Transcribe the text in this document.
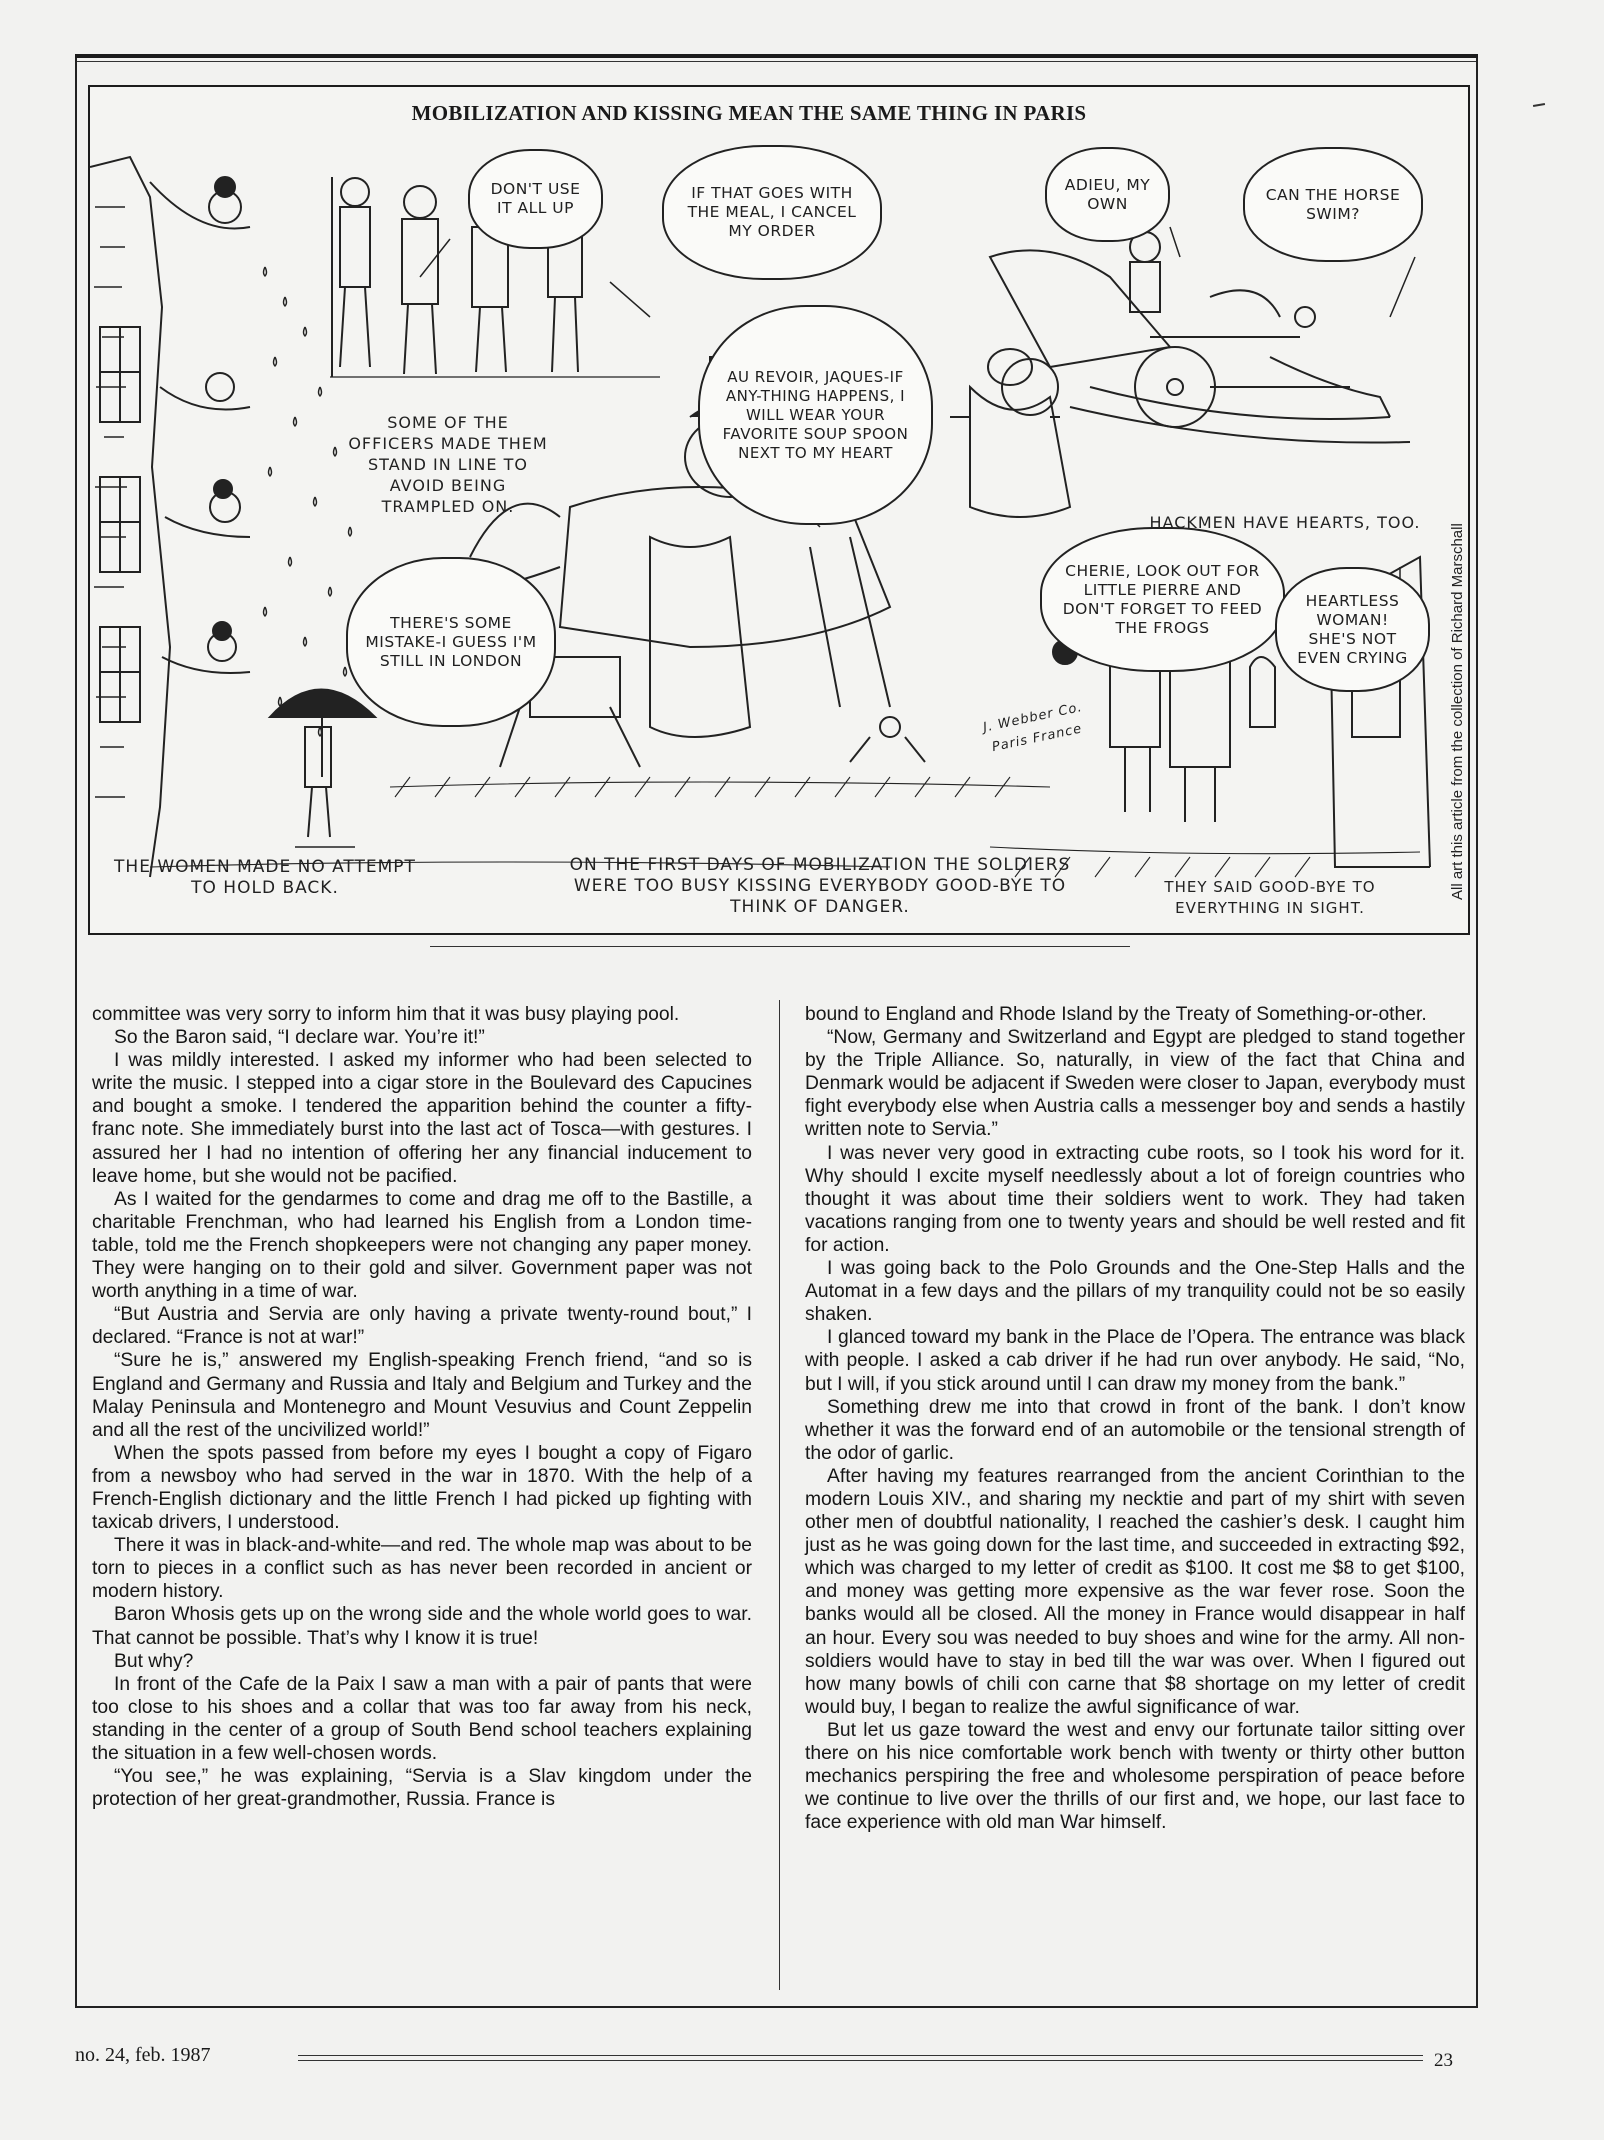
MOBILIZATION AND KISSING MEAN THE SAME THING IN PARIS
DON'T USE IT ALL UP
IF THAT GOES WITH THE MEAL, I CANCEL MY ORDER
AU REVOIR, JAQUES-IF ANY-THING HAPPENS, I WILL WEAR YOUR FAVORITE SOUP SPOON NEXT TO MY HEART
ADIEU, MY OWN	CAN THE HORSE SWIM?
THERE'S SOME MISTAKE-I GUESS I'M STILL IN LONDON
CHERIE, LOOK OUT FOR LITTLE PIERRE AND DON'T FORGET TO FEED THE FROGS
HEARTLESS WOMAN! SHE'S NOT EVEN CRYING
SOME OF THE OFFICERS MADE THEM STAND IN LINE TO AVOID BEING TRAMPLED ON.
HACKMEN HAVE HEARTS, TOO.
THE WOMEN MADE NO ATTEMPT TO HOLD BACK.
ON THE FIRST DAYS OF MOBILIZATION THE SOLDIERS WERE TOO BUSY KISSING EVERYBODY GOOD-BYE TO THINK OF DANGER.
THEY SAID GOOD-BYE TO EVERYTHING IN SIGHT.
J. Webber Co. Paris France	All art this article from the collection of Richard Marschall

committee was very sorry to inform him that it was busy playing pool.

So the Baron said, “I declare war. You’re it!”

I was mildly interested. I asked my informer who had been selected to write the music. I stepped into a cigar store in the Boulevard des Capucines and bought a smoke. I tendered the apparition behind the counter a fifty-franc note. She immediately burst into the last act of Tosca—with gestures. I assured her I had no intention of offering her any financial inducement to leave home, but she would not be pacified.

As I waited for the gendarmes to come and drag me off to the Bastille, a charitable Frenchman, who had learned his English from a London time-table, told me the French shopkeepers were not changing any paper money. They were hanging on to their gold and silver. Government paper was not worth anything in a time of war.

“But Austria and Servia are only having a private twenty-round bout,” I declared. “France is not at war!”

“Sure he is,” answered my English-speaking French friend, “and so is England and Germany and Russia and Italy and Belgium and Turkey and the Malay Peninsula and Montenegro and Mount Vesuvius and Count Zeppelin and all the rest of the uncivilized world!”

When the spots passed from before my eyes I bought a copy of Figaro from a newsboy who had served in the war in 1870. With the help of a French-English dictionary and the little French I had picked up fighting with taxicab drivers, I understood.

There it was in black-and-white—and red. The whole map was about to be torn to pieces in a conflict such as has never been recorded in ancient or modern history.

Baron Whosis gets up on the wrong side and the whole world goes to war. That cannot be possible. That’s why I know it is true!

But why?

In front of the Cafe de la Paix I saw a man with a pair of pants that were too close to his shoes and a collar that was too far away from his neck, standing in the center of a group of South Bend school teachers explaining the situation in a few well-chosen words.

“You see,” he was explaining, “Servia is a Slav kingdom under the protection of her great-grandmother, Russia. France is

bound to England and Rhode Island by the Treaty of Something-or-other.

“Now, Germany and Switzerland and Egypt are pledged to stand together by the Triple Alliance. So, naturally, in view of the fact that China and Denmark would be adjacent if Sweden were closer to Japan, everybody must fight everybody else when Austria calls a messenger boy and sends a hastily written note to Servia.”

I was never very good in extracting cube roots, so I took his word for it. Why should I excite myself needlessly about a lot of foreign countries who thought it was about time their soldiers went to work. They had taken vacations ranging from one to twenty years and should be well rested and fit for action.

I was going back to the Polo Grounds and the One-Step Halls and the Automat in a few days and the pillars of my tranquility could not be so easily shaken.

I glanced toward my bank in the Place de l’Opera. The entrance was black with people. I asked a cab driver if he had run over anybody. He said, “No, but I will, if you stick around until I can draw my money from the bank.”

Something drew me into that crowd in front of the bank. I don’t know whether it was the forward end of an automobile or the tensional strength of the odor of garlic.

After having my features rearranged from the ancient Corinthian to the modern Louis XIV., and sharing my necktie and part of my shirt with seven other men of doubtful nationality, I reached the cashier’s desk. I caught him just as he was going down for the last time, and succeeded in extracting $92, which was charged to my letter of credit as $100. It cost me $8 to get $100, and money was getting more expensive as the war fever rose. Soon the banks would all be closed. All the money in France would disappear in half an hour. Every sou was needed to buy shoes and wine for the army. All non-soldiers would have to stay in bed till the war was over. When I figured out how many bowls of chili con carne that $8 shortage on my letter of credit would buy, I began to realize the awful significance of war.

But let us gaze toward the west and envy our fortunate tailor sitting over there on his nice comfortable work bench with twenty or thirty other button mechanics perspiring the free and wholesome perspiration of peace before we continue to live over the thrills of our first and, we hope, our last face to face experience with old man War himself.

no. 24, feb. 1987	23
